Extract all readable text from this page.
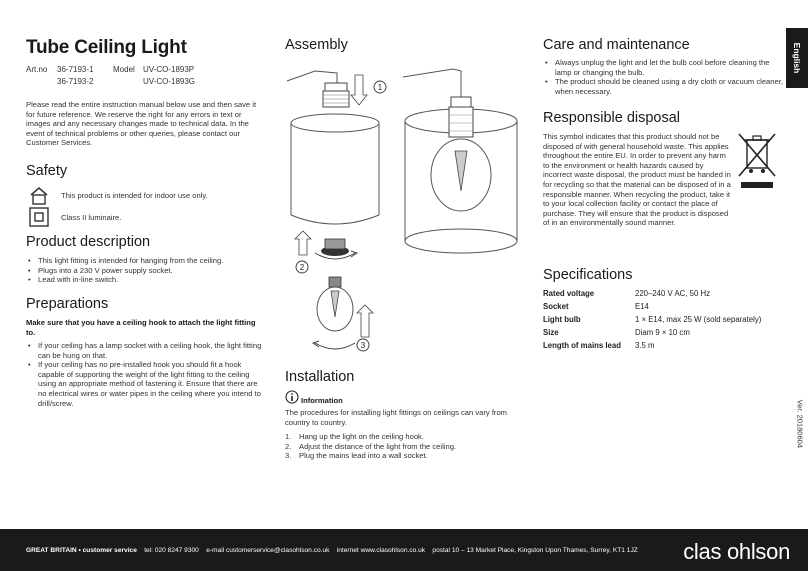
Tube Ceiling Light
Art.no 36-7193-1 Model UV-CO-1893P
36-7193-2	UV-CO-1893G

Please read the entire instruction manual below use and then save it for future reference. We reserve the right for any errors in text or images and any necessary changes made to technical data. In the event of technical problems or other queries, please contact our Customer Services.

Safety
This product is intended for indoor use only.
Class II luminaire.
Product description
• This light fitting is intended for hanging from the ceiling.
• Plugs into a 230 V power supply socket.
• Lead with in-line switch.
Preparations

Make sure that you have a ceiling hook to attach the light fitting to.

• If your ceiling has a lamp socket with a ceiling hook, the light fitting can be hung on that.
• If your ceiling has no pre-installed hook you should fit a hook capable of supporting the weight of the light fitting to the ceiling using an appropriate method of fastening it. Ensure that there are no electrical wires or water pipes in the ceiling where you intend to drill/screw.
Assembly
1
2
3
Installation
Information

The procedures for installing light fittings on ceilings can vary from country to country.

1. Hang up the light on the ceiling hook.
2. Adjust the distance of the light from the ceiling.
3. Plug the mains lead into a wall socket.
Care and maintenance
• Always unplug the light and let the bulb cool before cleaning the lamp or changing the bulb.
• The product should be cleaned using a dry cloth or vacuum cleaner, when necessary.
Responsible disposal

This symbol indicates that this product should not be disposed of with general household waste. This applies throughout the entire EU. In order to prevent any harm to the environment or health hazards caused by incorrect waste disposal, the product must be handed in for recycling so that the material can be disposed of in a responsible manner. When recycling the product, take it to your local collection facility or contact the place of purchase. They will ensure that the product is disposed of in an environmentally sound manner.

Specifications
Rated voltage	220–240 V AC, 50 Hz
Socket	E14
Light bulb	1 × E14, max 25 W (sold separately)
Size	Diam 9 × 10 cm
Length of mains lead 3.5 m
English
Ver. 20180604
GREAT BRITAIN • customer service tel: 020 8247 9300 e-mail customerservice@clasohlson.co.uk internet www.clasohlson.co.uk postal 10 – 13 Market Place, Kingston Upon Thames, Surrey, KT1 1JZ clas ohlson
